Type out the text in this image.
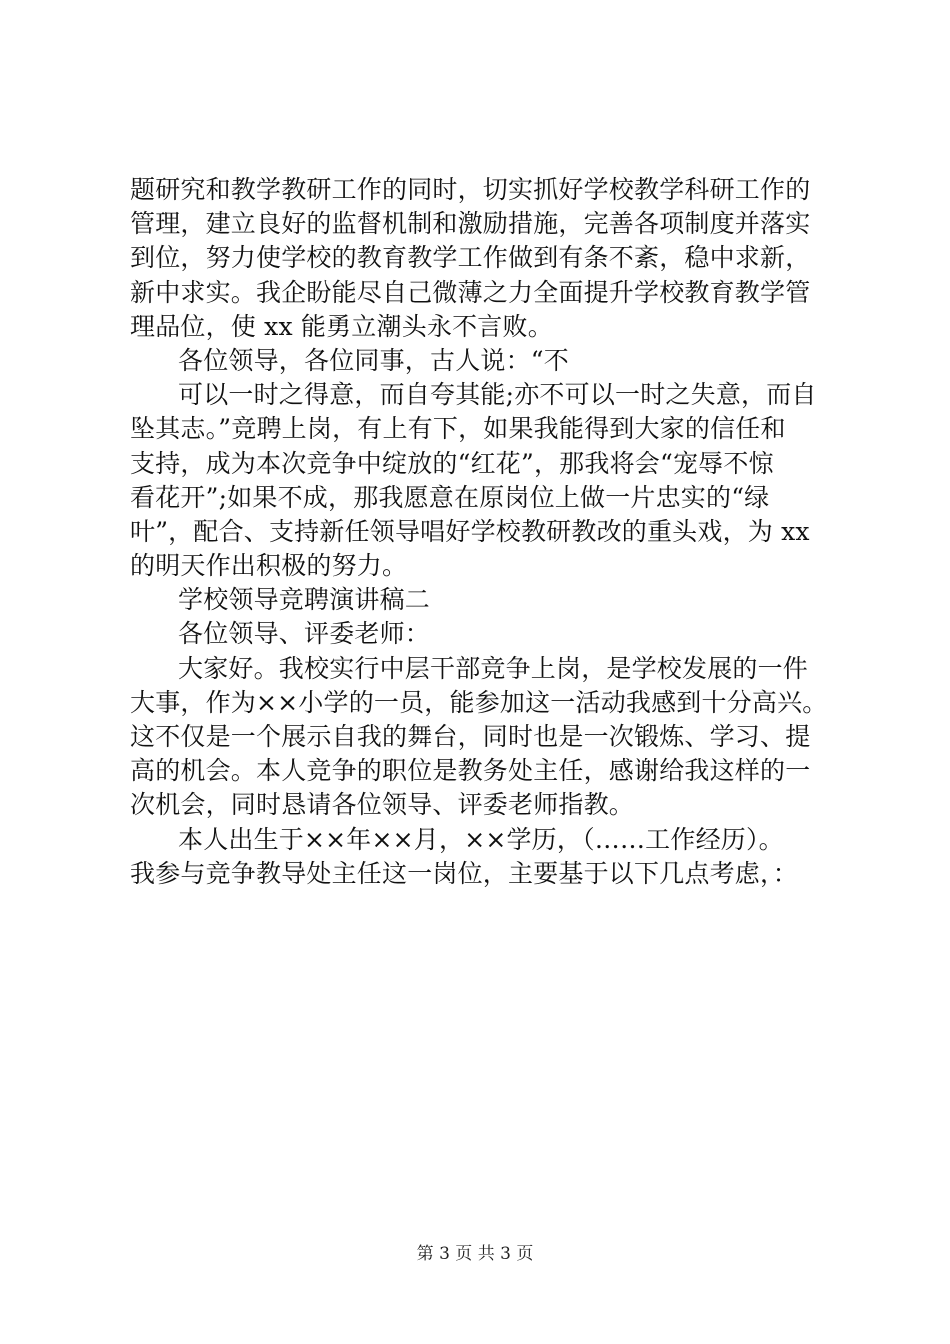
题研究和教学教研工作的同时，切实抓好学校教学科研工作的
管理，建立良好的监督机制和激励措施，完善各项制度并落实
到位，努力使学校的教育教学工作做到有条不紊，稳中求新，
新中求实。我企盼能尽自己微薄之力全面提升学校教育教学管
理品位，使 xx 能勇立潮头永不言败。
各位领导，各位同事，古人说：“不
可以一时之得意，而自夸其能;亦不可以一时之失意，而自
坠其志。”竞聘上岗，有上有下，如果我能得到大家的信任和
支持，成为本次竞争中绽放的“红花”，那我将会“宠辱不惊
看花开”;如果不成，那我愿意在原岗位上做一片忠实的“绿
叶”，配合、支持新任领导唱好学校教研教改的重头戏，为 xx
的明天作出积极的努力。
学校领导竞聘演讲稿二
各位领导、评委老师：
大家好。我校实行中层干部竞争上岗，是学校发展的一件
大事，作为××小学的一员，能参加这一活动我感到十分高兴。
这不仅是一个展示自我的舞台，同时也是一次锻炼、学习、提
高的机会。本人竞争的职位是教务处主任，感谢给我这样的一
次机会，同时恳请各位领导、评委老师指教。
本人出生于××年××月，××学历，（……工作经历）。
我参与竞争教导处主任这一岗位，主要基于以下几点考虑，：
第 3 页 共 3 页
